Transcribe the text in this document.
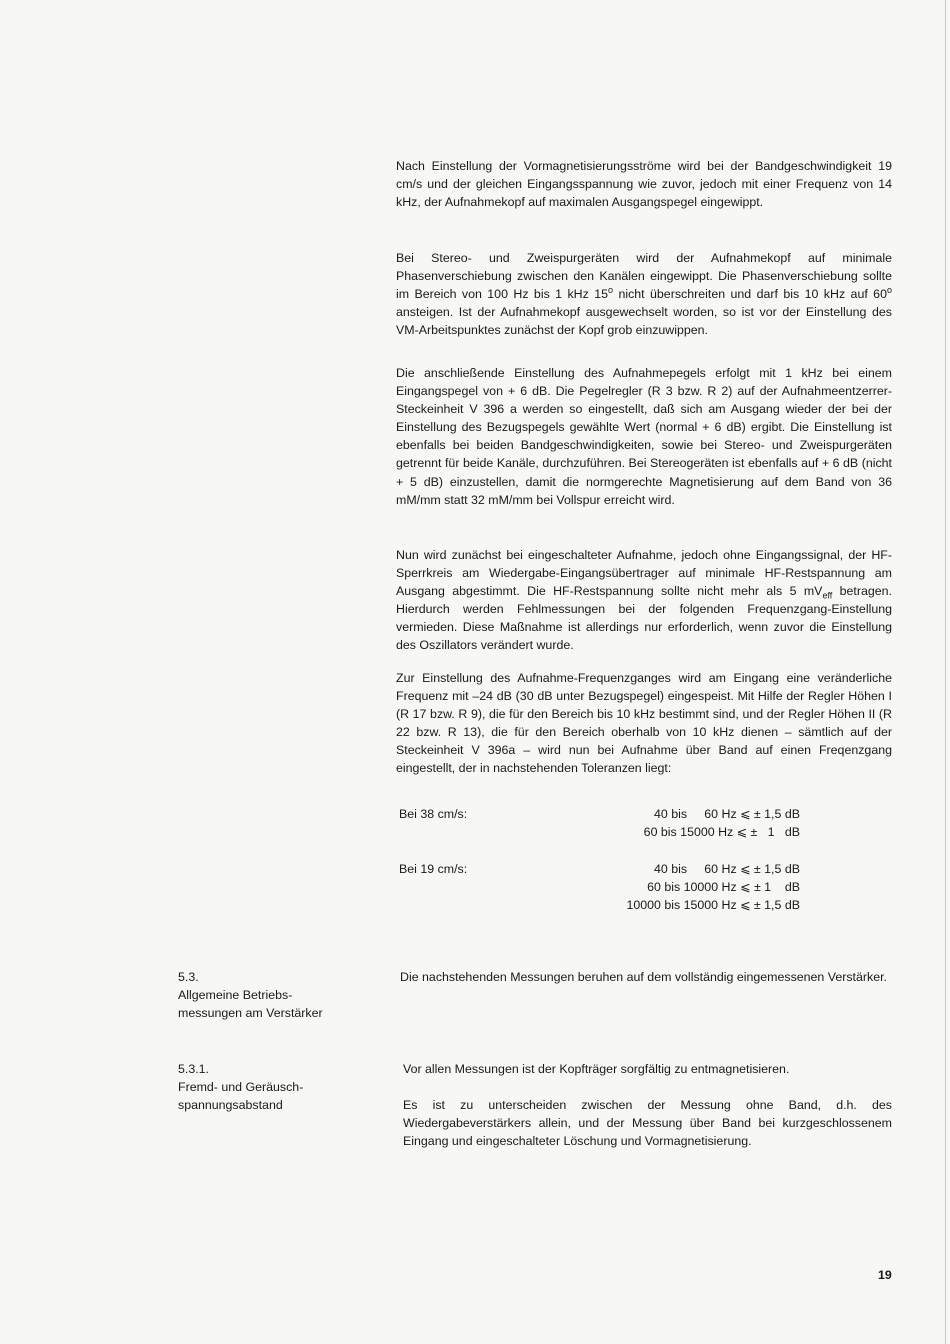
Nach Einstellung der Vormagnetisierungsströme wird bei der Bandgeschwindigkeit 19 cm/s und der gleichen Eingangsspannung wie zuvor, jedoch mit einer Frequenz von 14 kHz, der Aufnahmekopf auf maximalen Ausgangspegel eingewippt.

Bei Stereo- und Zweispurgeräten wird der Aufnahmekopf auf minimale Phasenverschiebung zwischen den Kanälen eingewippt. Die Phasenverschiebung sollte im Bereich von 100 Hz bis 1 kHz 15$^o$ nicht überschreiten und darf bis 10 kHz auf 60$^o$ ansteigen. Ist der Aufnahmekopf ausgewechselt worden, so ist vor der Einstellung des VM-Arbeitspunktes zunächst der Kopf grob einzuwippen.

Die anschließende Einstellung des Aufnahmepegels erfolgt mit 1 kHz bei einem Eingangspegel von + 6 dB. Die Pegelregler (R 3 bzw. R 2) auf der Aufnahmeentzerrer-Steckeinheit V 396 a werden so eingestellt, daß sich am Ausgang wieder der bei der Einstellung des Bezugspegels gewählte Wert (normal + 6 dB) ergibt. Die Einstellung ist ebenfalls bei beiden Bandgeschwindigkeiten, sowie bei Stereo- und Zweispurgeräten getrennt für beide Kanäle, durchzuführen. Bei Stereogeräten ist ebenfalls auf + 6 dB (nicht + 5 dB) einzustellen, damit die normgerechte Magnetisierung auf dem Band von 36 mM/mm statt 32 mM/mm bei Vollspur erreicht wird.

Nun wird zunächst bei eingeschalteter Aufnahme, jedoch ohne Eingangssignal, der HF-Sperrkreis am Wiedergabe-Eingangsübertrager auf minimale HF-Restspannung am Ausgang abgestimmt. Die HF-Restspannung sollte nicht mehr als 5 $mV_{eff}$ betragen. Hierdurch werden Fehlmessungen bei der folgenden Frequenzgang-Einstellung vermieden. Diese Maßnahme ist allerdings nur erforderlich, wenn zuvor die Einstellung des Oszillators verändert wurde.

Zur Einstellung des Aufnahme-Frequenzganges wird am Eingang eine veränderliche Frequenz mit –24 dB (30 dB unter Bezugspegel) eingespeist. Mit Hilfe der Regler Höhen I (R 17 bzw. R 9), die für den Bereich bis 10 kHz bestimmt sind, und der Regler Höhen II (R 22 bzw. R 13), die für den Bereich oberhalb von 10 kHz dienen – sämtlich auf der Steckeinheit V 396a – wird nun bei Aufnahme über Band auf einen Freqenzgang eingestellt, der in nachstehenden Toleranzen liegt:

Bei 38 cm/s:	40 bis     60 Hz ⩽ ± 1,5 dB
60 bis 15000 Hz ⩽ ±   1   dB
Bei 19 cm/s:	40 bis     60 Hz ⩽ ± 1,5 dB
60 bis 10000 Hz ⩽ ± 1    dB
10000 bis 15000 Hz ⩽ ± 1,5 dB
5.3.
Allgemeine Betriebs-
messungen am Verstärker

Die nachstehenden Messungen beruhen auf dem vollständig eingemessenen Verstärker.

5.3.1.
Fremd- und Geräusch-
spannungsabstand

Vor allen Messungen ist der Kopfträger sorgfältig zu entmagnetisieren.

Es ist zu unterscheiden zwischen der Messung ohne Band, d.h. des Wiedergabeverstärkers allein, und der Messung über Band bei kurzgeschlossenem Eingang und eingeschalteter Löschung und Vormagnetisierung.

19
